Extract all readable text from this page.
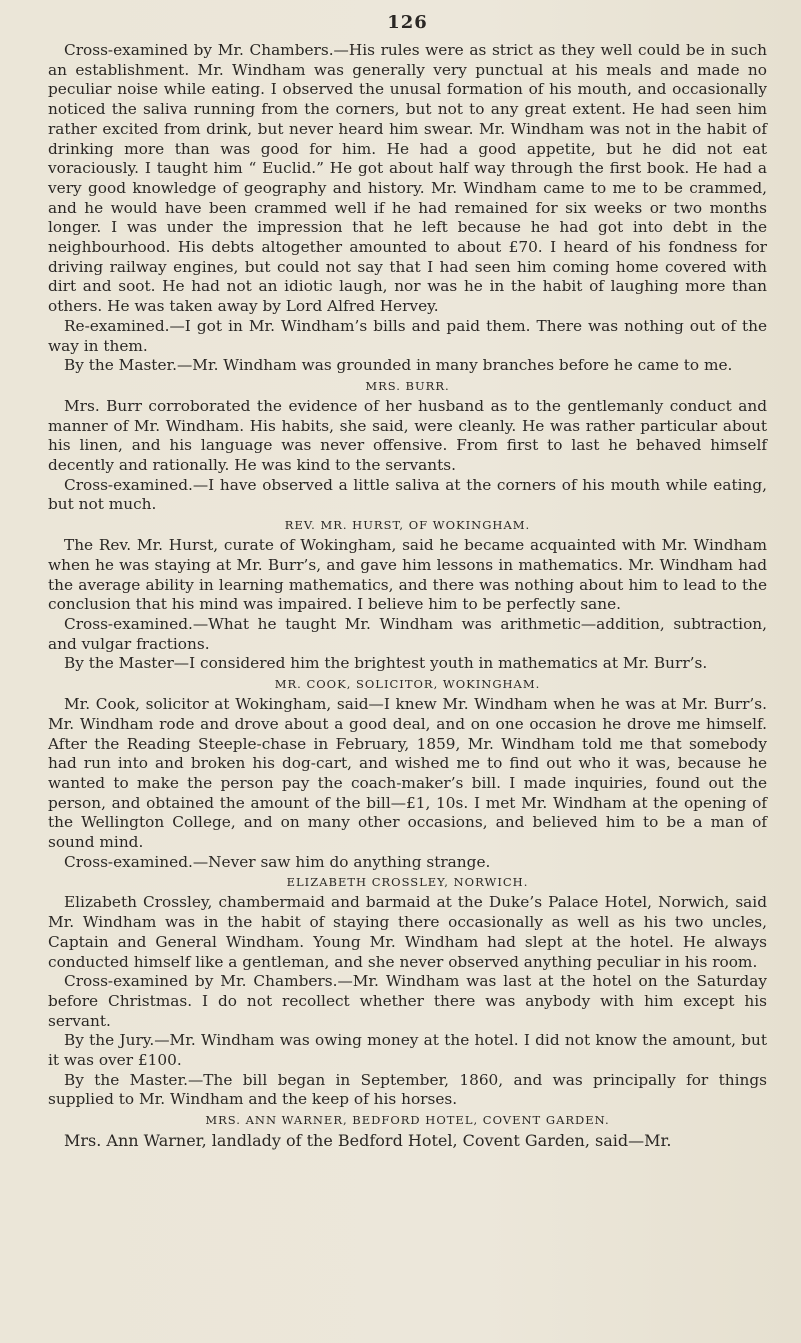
126

Cross-examined by Mr. Chambers.—His rules were as strict as they well could be in such an establishment. Mr. Windham was generally very punctual at his meals and made no peculiar noise while eating. I observed the unusal formation of his mouth, and occasionally noticed the saliva running from the corners, but not to any great extent. He had seen him rather excited from drink, but never heard him swear. Mr. Windham was not in the habit of drinking more than was good for him. He had a good appetite, but he did not eat voraciously. I taught him “ Euclid.” He got about half way through the first book. He had a very good knowledge of geography and history. Mr. Windham came to me to be crammed, and he would have been crammed well if he had remained for six weeks or two months longer. I was under the impression that he left because he had got into debt in the neighbourhood. His debts altogether amounted to about £70. I heard of his fondness for driving railway engines, but could not say that I had seen him coming home covered with dirt and soot. He had not an idiotic laugh, nor was he in the habit of laughing more than others. He was taken away by Lord Alfred Hervey.

Re-examined.—I got in Mr. Windham’s bills and paid them. There was nothing out of the way in them.

By the Master.—Mr. Windham was grounded in many branches before he came to me.

MRS. BURR.

Mrs. Burr corroborated the evidence of her husband as to the gentlemanly conduct and manner of Mr. Windham. His habits, she said, were cleanly. He was rather particular about his linen, and his language was never offensive. From first to last he behaved himself decently and rationally. He was kind to the servants.

Cross-examined.—I have observed a little saliva at the corners of his mouth while eating, but not much.

REV. MR. HURST, OF WOKINGHAM.

The Rev. Mr. Hurst, curate of Wokingham, said he became acquainted with Mr. Windham when he was staying at Mr. Burr’s, and gave him lessons in mathematics. Mr. Windham had the average ability in learning mathematics, and there was nothing about him to lead to the conclusion that his mind was impaired. I believe him to be perfectly sane.

Cross-examined.—What he taught Mr. Windham was arithmetic—addition, subtraction, and vulgar fractions.

By the Master—I considered him the brightest youth in mathematics at Mr. Burr’s.

MR. COOK, SOLICITOR, WOKINGHAM.

Mr. Cook, solicitor at Wokingham, said—I knew Mr. Windham when he was at Mr. Burr’s. Mr. Windham rode and drove about a good deal, and on one occasion he drove me himself. After the Reading Steeple-chase in February, 1859, Mr. Windham told me that somebody had run into and broken his dog-cart, and wished me to find out who it was, because he wanted to make the person pay the coach-maker’s bill. I made inquiries, found out the person, and obtained the amount of the bill—£1, 10s. I met Mr. Windham at the opening of the Wellington College, and on many other occasions, and believed him to be a man of sound mind.

Cross-examined.—Never saw him do anything strange.

ELIZABETH CROSSLEY, NORWICH.

Elizabeth Crossley, chambermaid and barmaid at the Duke’s Palace Hotel, Norwich, said Mr. Windham was in the habit of staying there occasionally as well as his two uncles, Captain and General Windham. Young Mr. Windham had slept at the hotel. He always conducted himself like a gentleman, and she never observed anything peculiar in his room.

Cross-examined by Mr. Chambers.—Mr. Windham was last at the hotel on the Saturday before Christmas. I do not recollect whether there was anybody with him except his servant.

By the Jury.—Mr. Windham was owing money at the hotel. I did not know the amount, but it was over £100.

By the Master.—The bill began in September, 1860, and was principally for things supplied to Mr. Windham and the keep of his horses.

MRS. ANN WARNER, BEDFORD HOTEL, COVENT GARDEN.

Mrs. Ann Warner, landlady of the Bedford Hotel, Covent Garden, said—Mr.
